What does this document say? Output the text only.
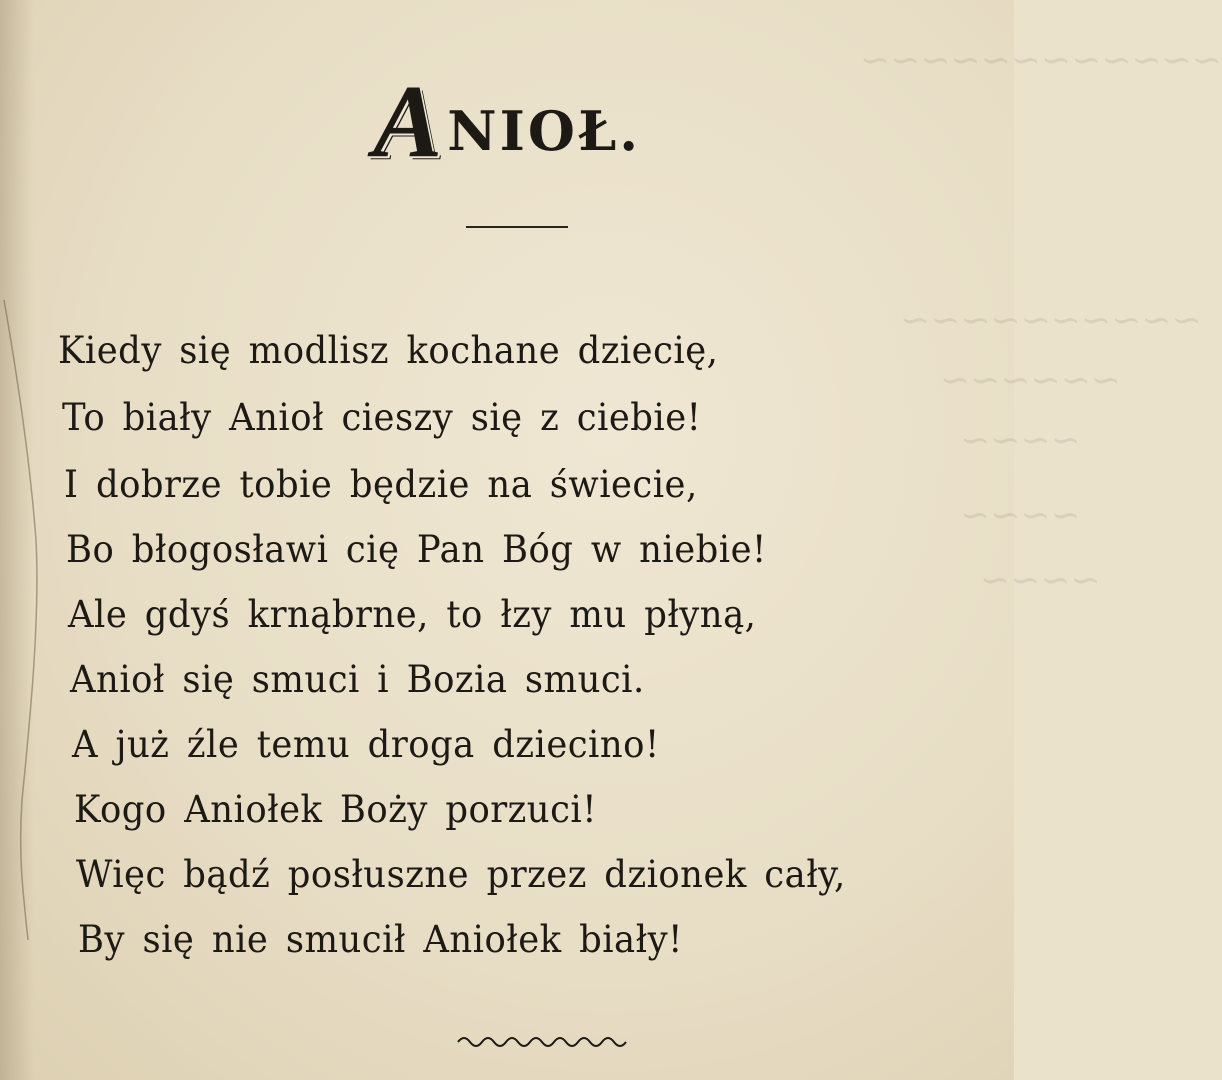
~~~~~~~~~~~~
~~~~~~~~~~
~~~~~~
~~~~
~~~~
~~~~
ANIOŁ.
Kiedy się modlisz kochane dziecię,
To biały Anioł cieszy się z ciebie!
I dobrze tobie będzie na świecie,
Bo błogosławi cię Pan Bóg w niebie!
Ale gdyś krnąbrne, to łzy mu płyną,
Anioł się smuci i Bozia smuci.
A już źle temu droga dziecino!
Kogo Aniołek Boży porzuci!
Więc bądź posłuszne przez dzionek cały,
By się nie smucił Aniołek biały!
